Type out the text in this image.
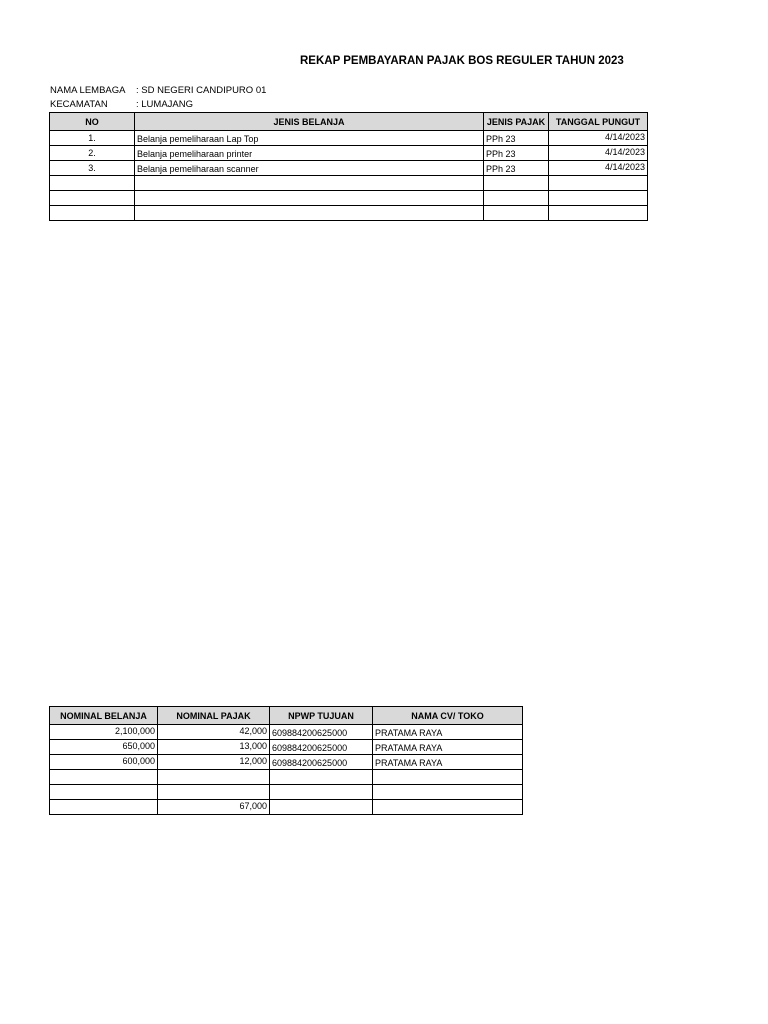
REKAP PEMBAYARAN PAJAK BOS REGULER TAHUN 2023
NAMA LEMBAGA : SD NEGERI CANDIPURO 01
KECAMATAN	: LUMAJANG
NO	JENIS BELANJA	JENIS PAJAK	TANGGAL PUNGUT
1.	Belanja pemeliharaan Lap Top	PPh 23	4/14/2023
2.	Belanja pemeliharaan printer	PPh 23	4/14/2023
3.	Belanja pemeliharaan scanner	PPh 23	4/14/2023

NOMINAL BELANJA	NOMINAL PAJAK	NPWP TUJUAN	NAMA CV/ TOKO
2,100,000	42,000	609884200625000	PRATAMA RAYA
650,000	13,000	609884200625000	PRATAMA RAYA
600,000	12,000	609884200625000	PRATAMA RAYA

	67,000		
